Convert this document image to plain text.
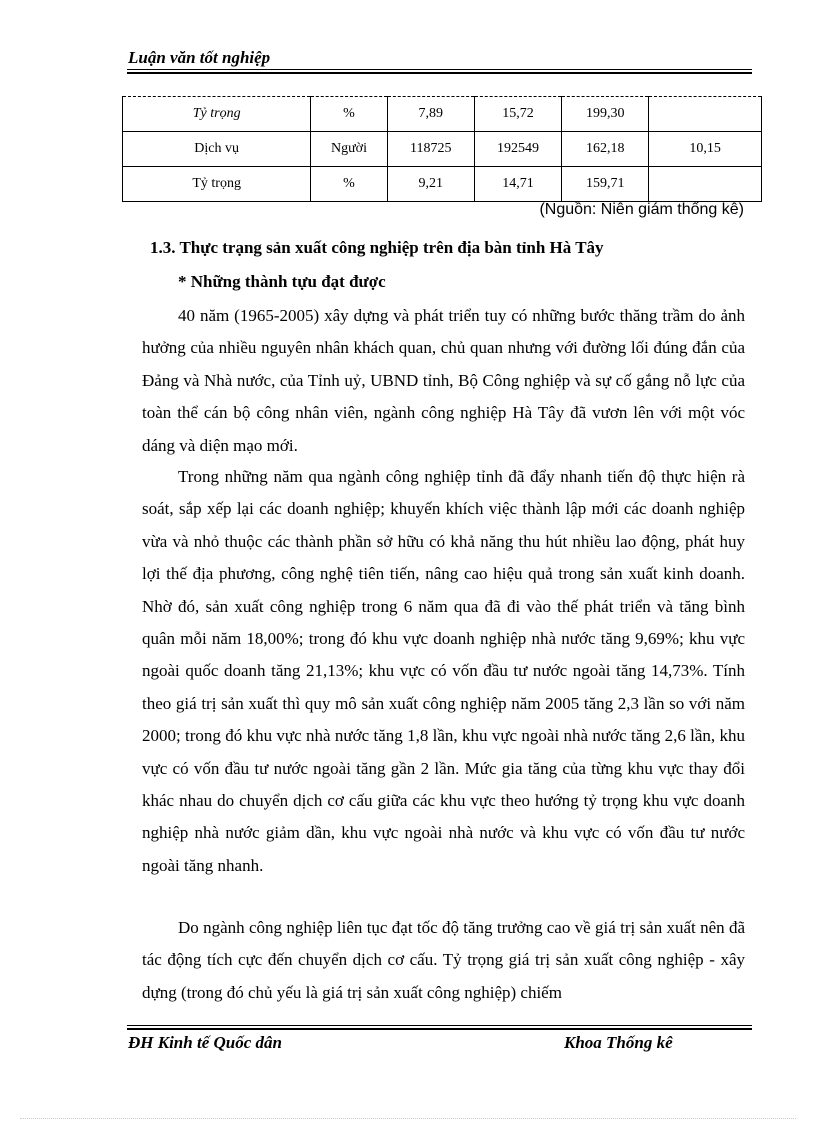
Luận văn tốt nghiệp
Tỷ trọng	%	7,89	15,72	199,30	
Dịch vụ	Người	118725	192549	162,18	10,15
Tỷ trọng	%	9,21	14,71	159,71	
(Nguồn: Niên giám thống kê)
1.3. Thực trạng sản xuất công nghiệp trên địa bàn tỉnh Hà Tây
* Những thành tựu đạt được

40 năm (1965-2005) xây dựng và phát triển tuy có những bước thăng trầm do ảnh hưởng của nhiều nguyên nhân khách quan, chủ quan nhưng với đường lối đúng đắn của Đảng và Nhà nước, của Tỉnh uỷ, UBND tỉnh, Bộ Công nghiệp và sự cố gắng nỗ lực của toàn thể cán bộ công nhân viên, ngành công nghiệp Hà Tây đã vươn lên với một vóc dáng và diện mạo mới.

Trong những năm qua ngành công nghiệp tỉnh đã đẩy nhanh tiến độ thực hiện rà soát, sắp xếp lại các doanh nghiệp; khuyến khích việc thành lập mới các doanh nghiệp vừa và nhỏ thuộc các thành phần sở hữu có khả năng thu hút nhiều lao động, phát huy lợi thế địa phương, công nghệ tiên tiến, nâng cao hiệu quả trong sản xuất kinh doanh. Nhờ đó, sản xuất công nghiệp trong 6 năm qua đã đi vào thế phát triển và tăng bình quân mỗi năm 18,00%; trong đó khu vực doanh nghiệp nhà nước tăng 9,69%; khu vực ngoài quốc doanh tăng 21,13%; khu vực có vốn đầu tư nước ngoài tăng 14,73%. Tính theo giá trị sản xuất thì quy mô sản xuất công nghiệp năm 2005 tăng 2,3 lần so với năm 2000; trong đó khu vực nhà nước tăng 1,8 lần, khu vực ngoài nhà nước tăng 2,6 lần, khu vực có vốn đầu tư nước ngoài tăng gần 2 lần. Mức gia tăng của từng khu vực thay đổi khác nhau do chuyển dịch cơ cấu giữa các khu vực theo hướng tỷ trọng khu vực doanh nghiệp nhà nước giảm dần, khu vực ngoài nhà nước và khu vực có vốn đầu tư nước ngoài tăng nhanh.

Do ngành công nghiệp liên tục đạt tốc độ tăng trưởng cao về giá trị sản xuất nên đã tác động tích cực đến chuyển dịch cơ cấu. Tỷ trọng giá trị sản xuất công nghiệp - xây dựng (trong đó chủ yếu là giá trị sản xuất công nghiệp) chiếm

ĐH Kinh tế Quốc dân	Khoa Thống kê
